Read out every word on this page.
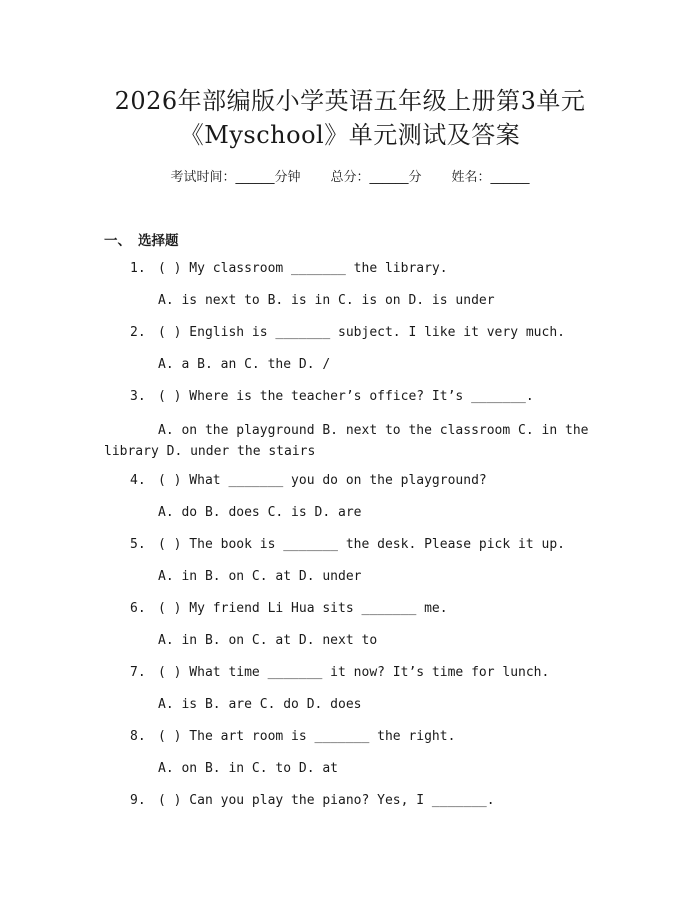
2026年部编版小学英语五年级上册第3单元
《Myschool》单元测试及答案
考试时间：______分钟 总分：______分 姓名：______
一、 选择题
1. ( ) My classroom _______ the library.
A. is next to B. is in C. is on D. is under
2. ( ) English is _______ subject. I like it very much.
A. a B. an C. the D. /
3. ( ) Where is the teacher’s office? It’s _______.
A. on the playground B. next to the classroom C. in the library D. under the stairs
4. ( ) What _______ you do on the playground?
A. do B. does C. is D. are
5. ( ) The book is _______ the desk. Please pick it up.
A. in B. on C. at D. under
6. ( ) My friend Li Hua sits _______ me.
A. in B. on C. at D. next to
7. ( ) What time _______ it now? It’s time for lunch.
A. is B. are C. do D. does
8. ( ) The art room is _______ the right.
A. on B. in C. to D. at
9. ( ) Can you play the piano? Yes, I _______.
